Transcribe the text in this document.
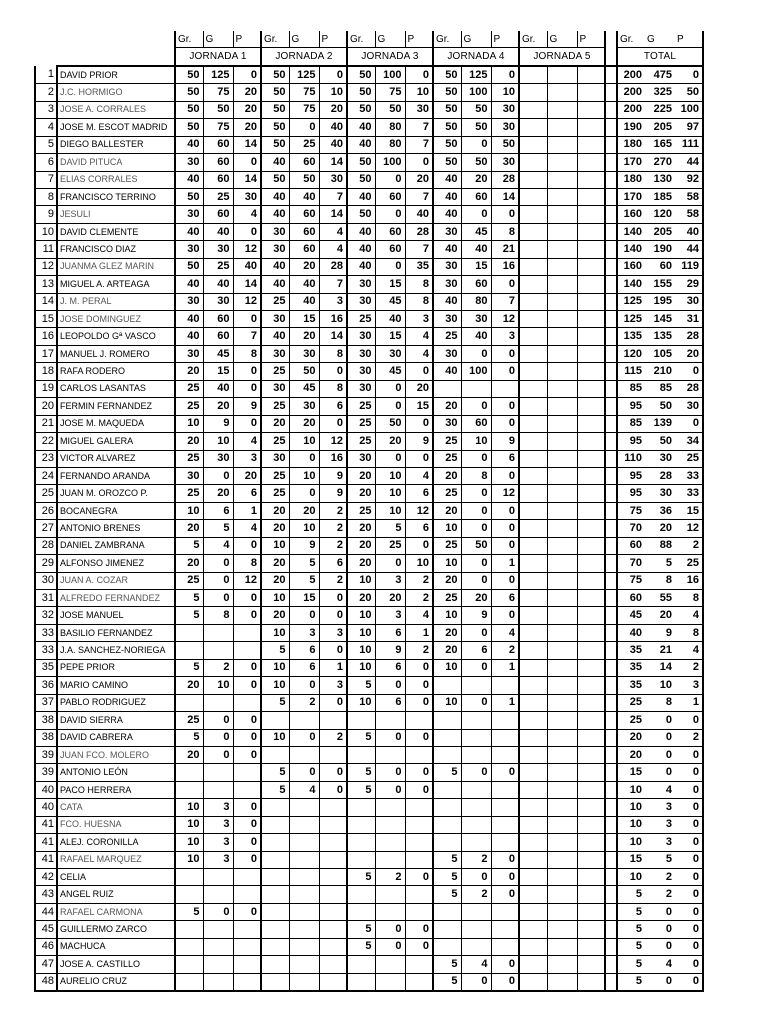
		Gr.	G	P	Gr.	G	P	Gr.	G	P	Gr.	G	P	Gr.	G	P		Gr.	G	P
		JORNADA 1			JORNADA 2			JORNADA 3			JORNADA 4			JORNADA 5				TOTAL		
1	DAVID PRIOR	50	125	0	50	125	0	50	100	0	50	125	0					200	475	0
2	J.C. HORMIGO	50	75	20	50	75	10	50	75	10	50	100	10					200	325	50
3	JOSE A. CORRALES	50	50	20	50	75	20	50	50	30	50	50	30					200	225	100
4	JOSE M. ESCOT MADRID	50	75	20	50	0	40	40	80	7	50	50	30					190	205	97
5	DIEGO BALLESTER	40	60	14	50	25	40	40	80	7	50	0	50					180	165	111
6	DAVID PITUCA	30	60	0	40	60	14	50	100	0	50	50	30					170	270	44
7	ELIAS CORRALES	40	60	14	50	50	30	50	0	20	40	20	28					180	130	92
8	FRANCISCO TERRINO	50	25	30	40	40	7	40	60	7	40	60	14					170	185	58
9	JESULI	30	60	4	40	60	14	50	0	40	40	0	0					160	120	58
10	DAVID CLEMENTE	40	40	0	30	60	4	40	60	28	30	45	8					140	205	40
11	FRANCISCO DIAZ	30	30	12	30	60	4	40	60	7	40	40	21					140	190	44
12	JUANMA GLEZ MARIN	50	25	40	40	20	28	40	0	35	30	15	16					160	60	119
13	MIGUEL A. ARTEAGA	40	40	14	40	40	7	30	15	8	30	60	0					140	155	29
14	J. M. PERAL	30	30	12	25	40	3	30	45	8	40	80	7					125	195	30
15	JOSE DOMINGUEZ	40	60	0	30	15	16	25	40	3	30	30	12					125	145	31
16	LEOPOLDO Gª VASCO	40	60	7	40	20	14	30	15	4	25	40	3					135	135	28
17	MANUEL J. ROMERO	30	45	8	30	30	8	30	30	4	30	0	0					120	105	20
18	RAFA RODERO	20	15	0	25	50	0	30	45	0	40	100	0					115	210	0
19	CARLOS LASANTAS	25	40	0	30	45	8	30	0	20								85	85	28
20	FERMIN FERNANDEZ	25	20	9	25	30	6	25	0	15	20	0	0					95	50	30
21	JOSE M. MAQUEDA	10	9	0	20	20	0	25	50	0	30	60	0					85	139	0
22	MIGUEL GALERA	20	10	4	25	10	12	25	20	9	25	10	9					95	50	34
23	VICTOR ALVAREZ	25	30	3	30	0	16	30	0	0	25	0	6					110	30	25
24	FERNANDO ARANDA	30	0	20	25	10	9	20	10	4	20	8	0					95	28	33
25	JUAN M. OROZCO P.	25	20	6	25	0	9	20	10	6	25	0	12					95	30	33
26	BOCANEGRA	10	6	1	20	20	2	25	10	12	20	0	0					75	36	15
27	ANTONIO BRENES	20	5	4	20	10	2	20	5	6	10	0	0					70	20	12
28	DANIEL ZAMBRANA	5	4	0	10	9	2	20	25	0	25	50	0					60	88	2
29	ALFONSO JIMENEZ	20	0	8	20	5	6	20	0	10	10	0	1					70	5	25
30	JUAN A. COZAR	25	0	12	20	5	2	10	3	2	20	0	0					75	8	16
31	ALFREDO FERNANDEZ	5	0	0	10	15	0	20	20	2	25	20	6					60	55	8
32	JOSE MANUEL	5	8	0	20	0	0	10	3	4	10	9	0					45	20	4
33	BASILIO FERNANDEZ				10	3	3	10	6	1	20	0	4					40	9	8
33	J.A. SANCHEZ-NORIEGA				5	6	0	10	9	2	20	6	2					35	21	4
35	PEPE PRIOR	5	2	0	10	6	1	10	6	0	10	0	1					35	14	2
36	MARIO CAMINO	20	10	0	10	0	3	5	0	0								35	10	3
37	PABLO RODRIGUEZ				5	2	0	10	6	0	10	0	1					25	8	1
38	DAVID SIERRA	25	0	0														25	0	0
38	DAVID CABRERA	5	0	0	10	0	2	5	0	0								20	0	2
39	JUAN FCO. MOLERO	20	0	0														20	0	0
39	ANTONIO LEÓN				5	0	0	5	0	0	5	0	0					15	0	0
40	PACO HERRERA				5	4	0	5	0	0								10	4	0
40	CATA	10	3	0														10	3	0
41	FCO. HUESNA	10	3	0														10	3	0
41	ALEJ. CORONILLA	10	3	0														10	3	0
41	RAFAEL MARQUEZ	10	3	0							5	2	0					15	5	0
42	CELIA							5	2	0	5	0	0					10	2	0
43	ANGEL RUIZ										5	2	0					5	2	0
44	RAFAEL CARMONA	5	0	0														5	0	0
45	GUILLERMO ZARCO							5	0	0								5	0	0
46	MACHUCA							5	0	0								5	0	0
47	JOSE A. CASTILLO										5	4	0					5	4	0
48	AURELIO CRUZ										5	0	0					5	0	0
